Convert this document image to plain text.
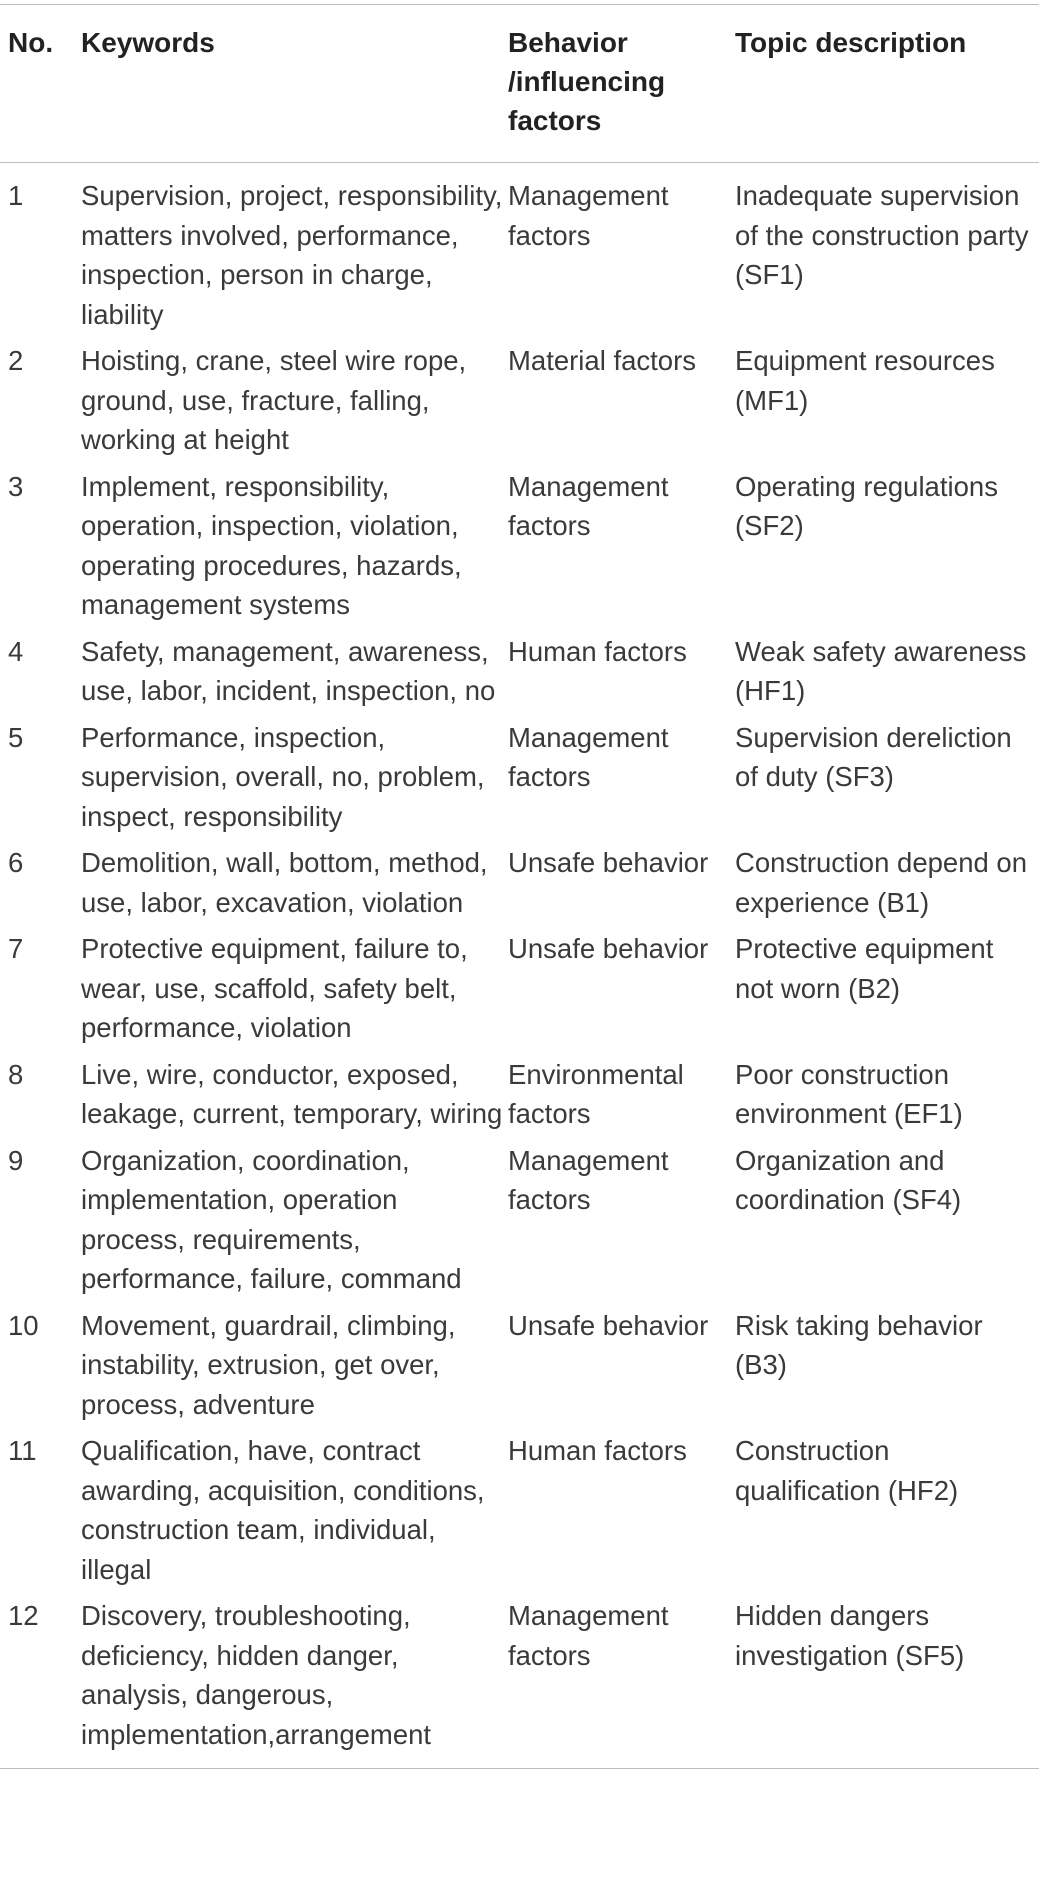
No.	Keywords	Behavior /influencing factors	Topic description
1	Supervision, project, responsibility, matters involved, performance, inspection, person in charge, liability	Management factors	Inadequate supervision of the construction party (SF1)
2	Hoisting, crane, steel wire rope, ground, use, fracture, falling, working at height	Material factors	Equipment resources (MF1)
3	Implement, responsibility, operation, inspection, violation, operating procedures, hazards, management systems	Management factors	Operating regulations (SF2)
4	Safety, management, awareness, use, labor, incident, inspection, no	Human factors	Weak safety awareness (HF1)
5	Performance, inspection, supervision, overall, no, problem, inspect, responsibility	Management factors	Supervision dereliction of duty (SF3)
6	Demolition, wall, bottom, method, use, labor, excavation, violation	Unsafe behavior	Construction depend on experience (B1)
7	Protective equipment, failure to, wear, use, scaffold, safety belt, performance, violation	Unsafe behavior	Protective equipment not worn (B2)
8	Live, wire, conductor, exposed, leakage, current, temporary, wiring	Environmental factors	Poor construction environment (EF1)
9	Organization, coordination, implementation, operation process, requirements, performance, failure, command	Management factors	Organization and coordination (SF4)
10	Movement, guardrail, climbing, instability, extrusion, get over, process, adventure	Unsafe behavior	Risk taking behavior (B3)
11	Qualification, have, contract awarding, acquisition, conditions, construction team, individual, illegal	Human factors	Construction qualification (HF2)
12	Discovery, troubleshooting, deficiency, hidden danger, analysis, dangerous, implementation,arrangement	Management factors	Hidden dangers investigation (SF5)
